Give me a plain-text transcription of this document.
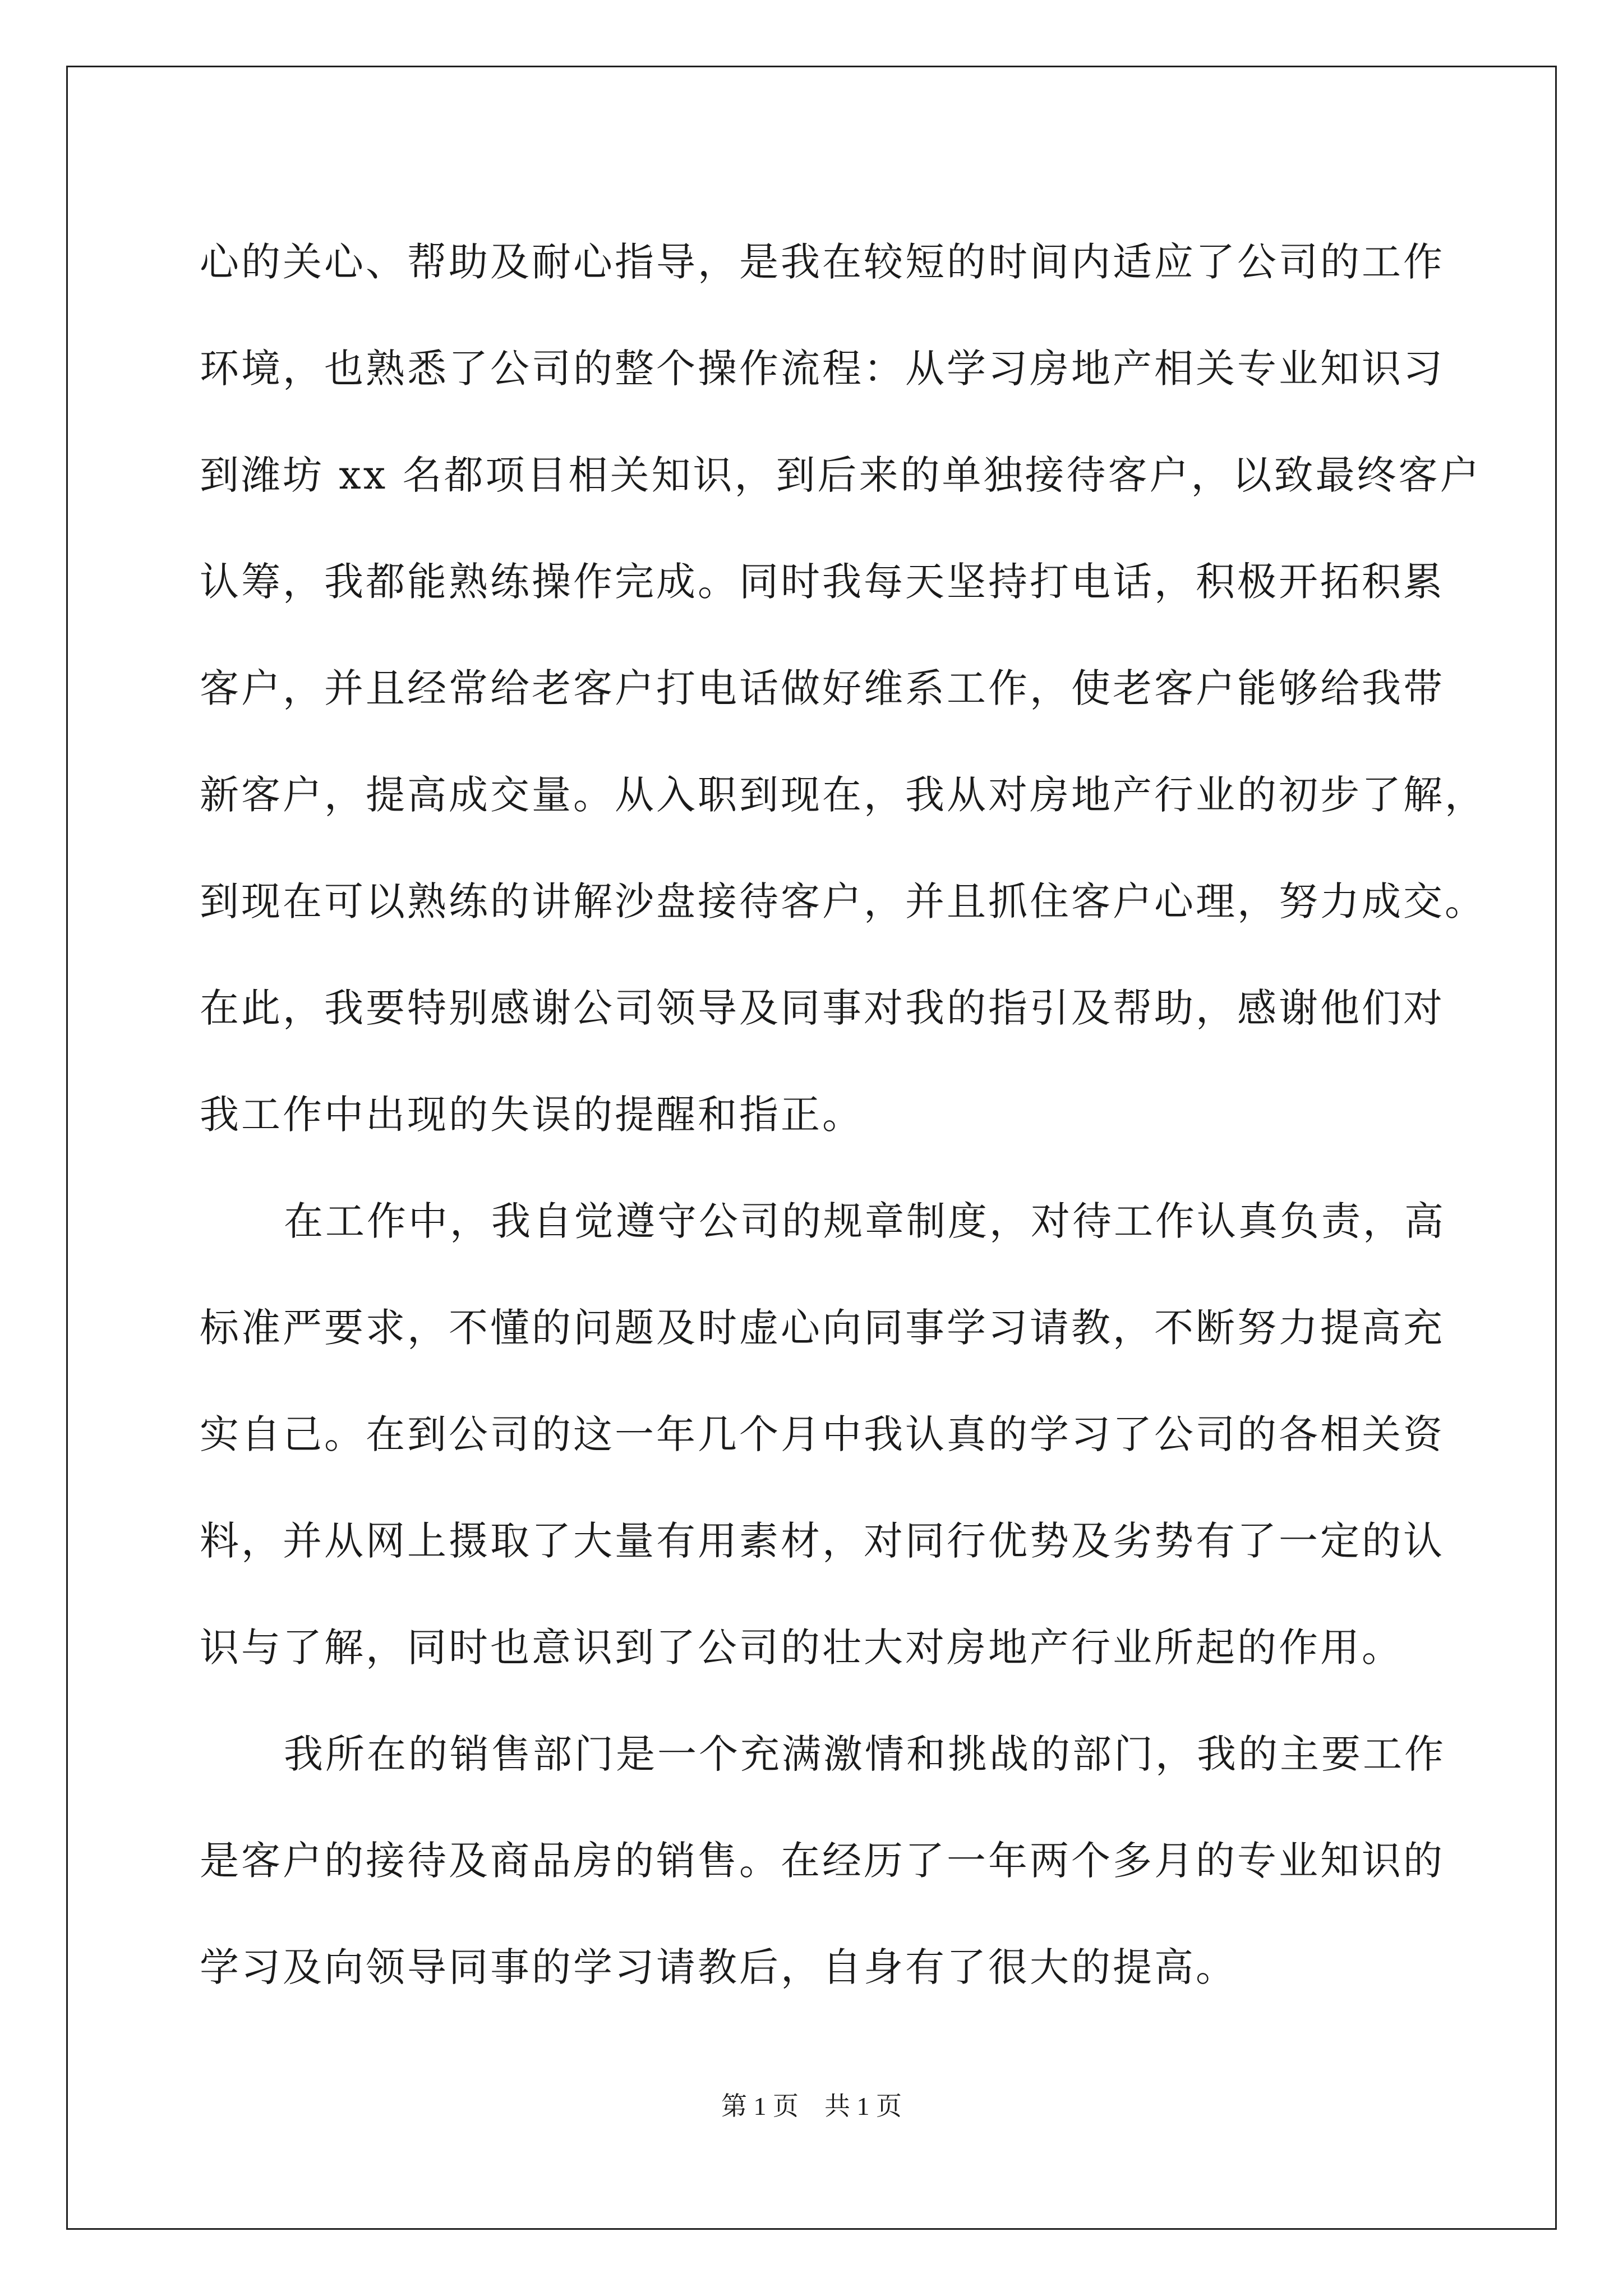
心的关心、帮助及耐心指导，是我在较短的时间内适应了公司的工作
环境，也熟悉了公司的整个操作流程：从学习房地产相关专业知识习
到潍坊 xx 名都项目相关知识，到后来的单独接待客户，以致最终客户
认筹，我都能熟练操作完成。同时我每天坚持打电话，积极开拓积累
客户，并且经常给老客户打电话做好维系工作，使老客户能够给我带
新客户，提高成交量。从入职到现在，我从对房地产行业的初步了解，
到现在可以熟练的讲解沙盘接待客户，并且抓住客户心理，努力成交。
在此，我要特别感谢公司领导及同事对我的指引及帮助，感谢他们对
我工作中出现的失误的提醒和指正。
在工作中，我自觉遵守公司的规章制度，对待工作认真负责，高
标准严要求，不懂的问题及时虚心向同事学习请教，不断努力提高充
实自己。在到公司的这一年几个月中我认真的学习了公司的各相关资
料，并从网上摄取了大量有用素材，对同行优势及劣势有了一定的认
识与了解，同时也意识到了公司的壮大对房地产行业所起的作用。
我所在的销售部门是一个充满激情和挑战的部门，我的主要工作
是客户的接待及商品房的销售。在经历了一年两个多月的专业知识的
学习及向领导同事的学习请教后，自身有了很大的提高。
第 1 页　共 1 页
